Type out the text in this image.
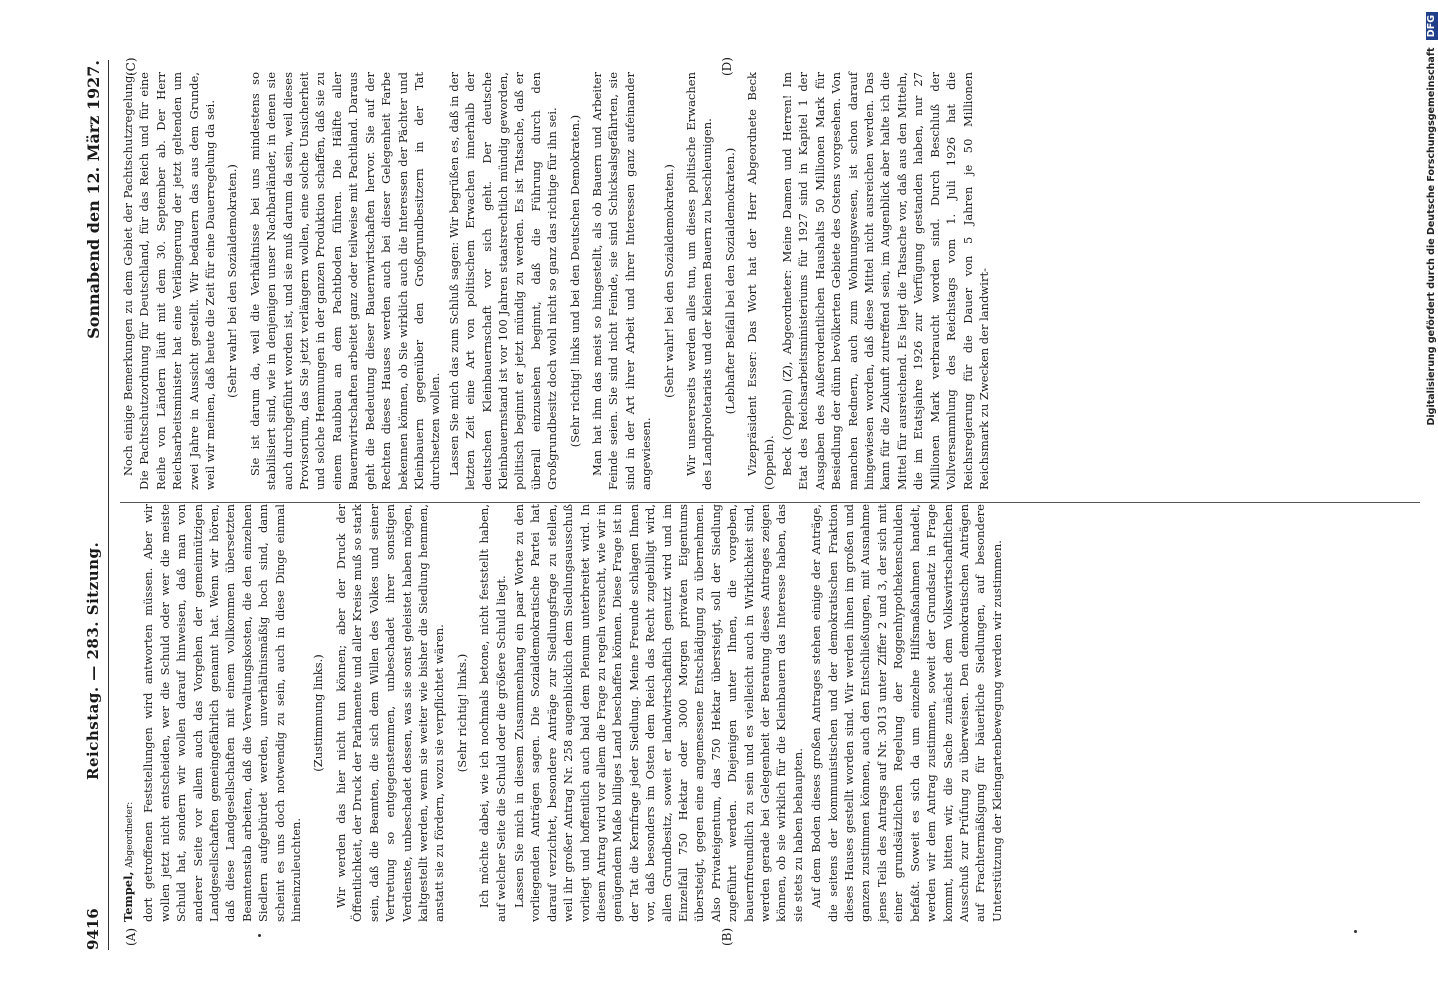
9416
Reichstag. — 283. Sitzung.
Sonnabend den 12. März 1927.
(A)	(B)
(C)	(D)

Tempel, Abgeordneter: dort getroffenen Feststellungen wird antworten müssen. Aber wir wollen jetzt nicht entscheiden, wer die Schuld oder wer die meiste Schuld hat, sondern wir wollen darauf hinweisen, daß man von anderer Seite vor allem auch das Vorgehen der gemeinnützigen Landgesellschaften gemeingefährlich genannt hat. Wenn wir hören, daß diese Landgesellschaften mit einem vollkommen übersetzten Beamtenstab arbeiten, daß die Verwaltungskosten, die den einzelnen Siedlern aufgebürdet werden, unverhältnismäßig hoch sind, dann scheint es uns doch notwendig zu sein, auch in diese Dinge einmal hineinzuleuchten.

(Zustimmung links.) Wir werden das hier nicht tun können; aber der Druck der Öffentlichkeit, der Druck der Parlamente und aller Kreise muß so stark sein, daß die Beamten, die sich dem Willen des Volkes und seiner Vertretung so entgegenstemmen, unbeschadet ihrer sonstigen Verdienste, unbeschadet dessen, was sie sonst geleistet haben mögen, kaltgestellt werden, wenn sie weiter wie bisher die Siedlung hemmen, anstatt sie zu fördern, wozu sie verpflichtet wären. (Sehr richtig! links.) Ich möchte dabei, wie ich nochmals betone, nicht feststellt haben, auf welcher Seite die Schuld oder die größere Schuld liegt. Lassen Sie mich in diesem Zusammenhang ein paar Worte zu den vorliegenden Anträgen sagen. Die Sozialdemokratische Partei hat darauf verzichtet, besondere Anträge zur Siedlungsfrage zu stellen, weil ihr großer Antrag Nr. 258 augenblicklich dem Siedlungsausschuß vorliegt und hoffentlich auch bald dem Plenum unterbreitet wird. In diesem Antrag wird vor allem die Frage zu regeln versucht, wie wir in genügendem Maße billiges Land beschaffen können. Diese Frage ist in der Tat die Kernfrage jeder Siedlung. Meine Freunde schlagen Ihnen vor, daß besonders im Osten dem Reich das Recht zugebilligt wird, allen Grundbesitz, soweit er landwirtschaftlich genutzt wird und im Einzelfall 750 Hektar oder 3000 Morgen privaten Eigentums übersteigt, gegen eine angemessene Entschädigung zu übernehmen. Also Privateigentum, das 750 Hektar übersteigt, soll der Siedlung zugeführt werden. Diejenigen unter Ihnen, die vorgeben, bauernfreundlich zu sein und es vielleicht auch in Wirklichkeit sind, werden gerade bei Gelegenheit der Beratung dieses Antrages zeigen können, ob sie wirklich für die Kleinbauern das Interesse haben, das sie stets zu haben behaupten. Auf dem Boden dieses großen Antrages stehen einige der Anträge, die seitens der kommunistischen und der demokratischen Fraktion dieses Hauses gestellt worden sind. Wir werden ihnen im großen und ganzen zustimmen können, auch den Entschließungen, mit Ausnahme jenes Teils des Antrags auf Nr. 3013 unter Ziffer 2 und 3, der sich mit einer grundsätzlichen Regelung der Roggenhypothekenschulden befaßt. Soweit es sich da um einzelne Hilfsmaßnahmen handelt, werden wir dem Antrag zustimmen, soweit der Grundsatz in Frage kommt, bitten wir, die Sache zunächst dem Volkswirtschaftlichen Ausschuß zur Prüfung zu überweisen. Den demokratischen Anträgen auf Frachtermäßigung für bäuerliche Siedlungen, auf besondere Unterstützung der Kleingartenbewegung werden wir zustimmen.

Noch einige Bemerkungen zu dem Gebiet der Pachtschutzregelung. Die Pachtschutzordnung für Deutschland, für das Reich und für eine Reihe von Ländern läuft mit dem 30. September ab. Der Herr Reichsarbeitsminister hat eine Verlängerung der jetzt geltenden um zwei Jahre in Aussicht gestellt. Wir bedauern das aus dem Grunde, weil wir meinen, daß heute die Zeit für eine Dauerregelung da sei. (Sehr wahr! bei den Sozialdemokraten.) Sie ist darum da, weil die Verhältnisse bei uns mindestens so stabilisiert sind, wie in denjenigen unser Nachbarländer, in denen sie auch durchgeführt worden ist, und sie muß darum da sein, weil dieses Provisorium, das Sie jetzt verlängern wollen, eine solche Unsicherheit und solche Hemmungen in der ganzen Produktion schaffen, daß sie zu einem Raubbau an dem Pachtboden führen. Die Hälfte aller Bauernwirtschaften arbeitet ganz oder teilweise mit Pachtland. Daraus geht die Bedeutung dieser Bauernwirtschaften hervor. Sie auf der Rechten dieses Hauses werden auch bei dieser Gelegenheit Farbe bekennen können, ob Sie wirklich auch die Interessen der Pächter und Kleinbauern gegenüber den Großgrundbesitzern in der Tat durchsetzen wollen. Lassen Sie mich das zum Schluß sagen: Wir begrüßen es, daß in der letzten Zeit eine Art von politischem Erwachen innerhalb der deutschen Kleinbauernschaft vor sich geht. Der deutsche Kleinbauernstand ist vor 100 Jahren staatsrechtlich mündig geworden, politisch beginnt er jetzt mündig zu werden. Es ist Tatsache, daß er überall einzusehen beginnt, daß die Führung durch den Großgrundbesitz doch wohl nicht so ganz das richtige für ihn sei. (Sehr richtig! links und bei den Deutschen Demokraten.) Man hat ihm das meist so hingestellt, als ob Bauern und Arbeiter Feinde seien. Sie sind nicht Feinde, sie sind Schicksalsgefährten, sie sind in der Art ihrer Arbeit und ihrer Interessen ganz aufeinander angewiesen.

(Sehr wahr! bei den Sozialdemokraten.) Wir unsererseits werden alles tun, um dieses politische Erwachen des Landproletariats und der kleinen Bauern zu beschleunigen. (Lebhafter Beifall bei den Sozialdemokraten.) Vizepräsident Esser: Das Wort hat der Herr Abgeordnete Beck (Oppeln). Beck (Oppeln) (Z), Abgeordneter: Meine Damen und Herren! Im Etat des Reichsarbeitsministeriums für 1927 sind in Kapitel 1 der Ausgaben des Außerordentlichen Haushalts 50 Millionen Mark für Besiedlung der dünn bevölkerten Gebiete des Ostens vorgesehen. Von manchen Rednern, auch zum Wohnungswesen, ist schon darauf hingewiesen worden, daß diese Mittel nicht ausreichen werden. Das kann für die Zukunft zutreffend sein, im Augenblick aber halte ich die Mittel für ausreichend. Es liegt die Tatsache vor, daß aus den Mitteln, die im Etatsjahre 1926 zur Verfügung gestanden haben, nur 27 Millionen Mark verbraucht worden sind. Durch Beschluß der Vollversammlung des Reichstags vom 1. Juli 1926 hat die Reichsregierung für die Dauer von 5 Jahren je 50 Millionen Reichsmark zu Zwecken der landwirt-	Digitalisierung gefördert durch die Deutsche Forschungsgemeinschaft DFG
